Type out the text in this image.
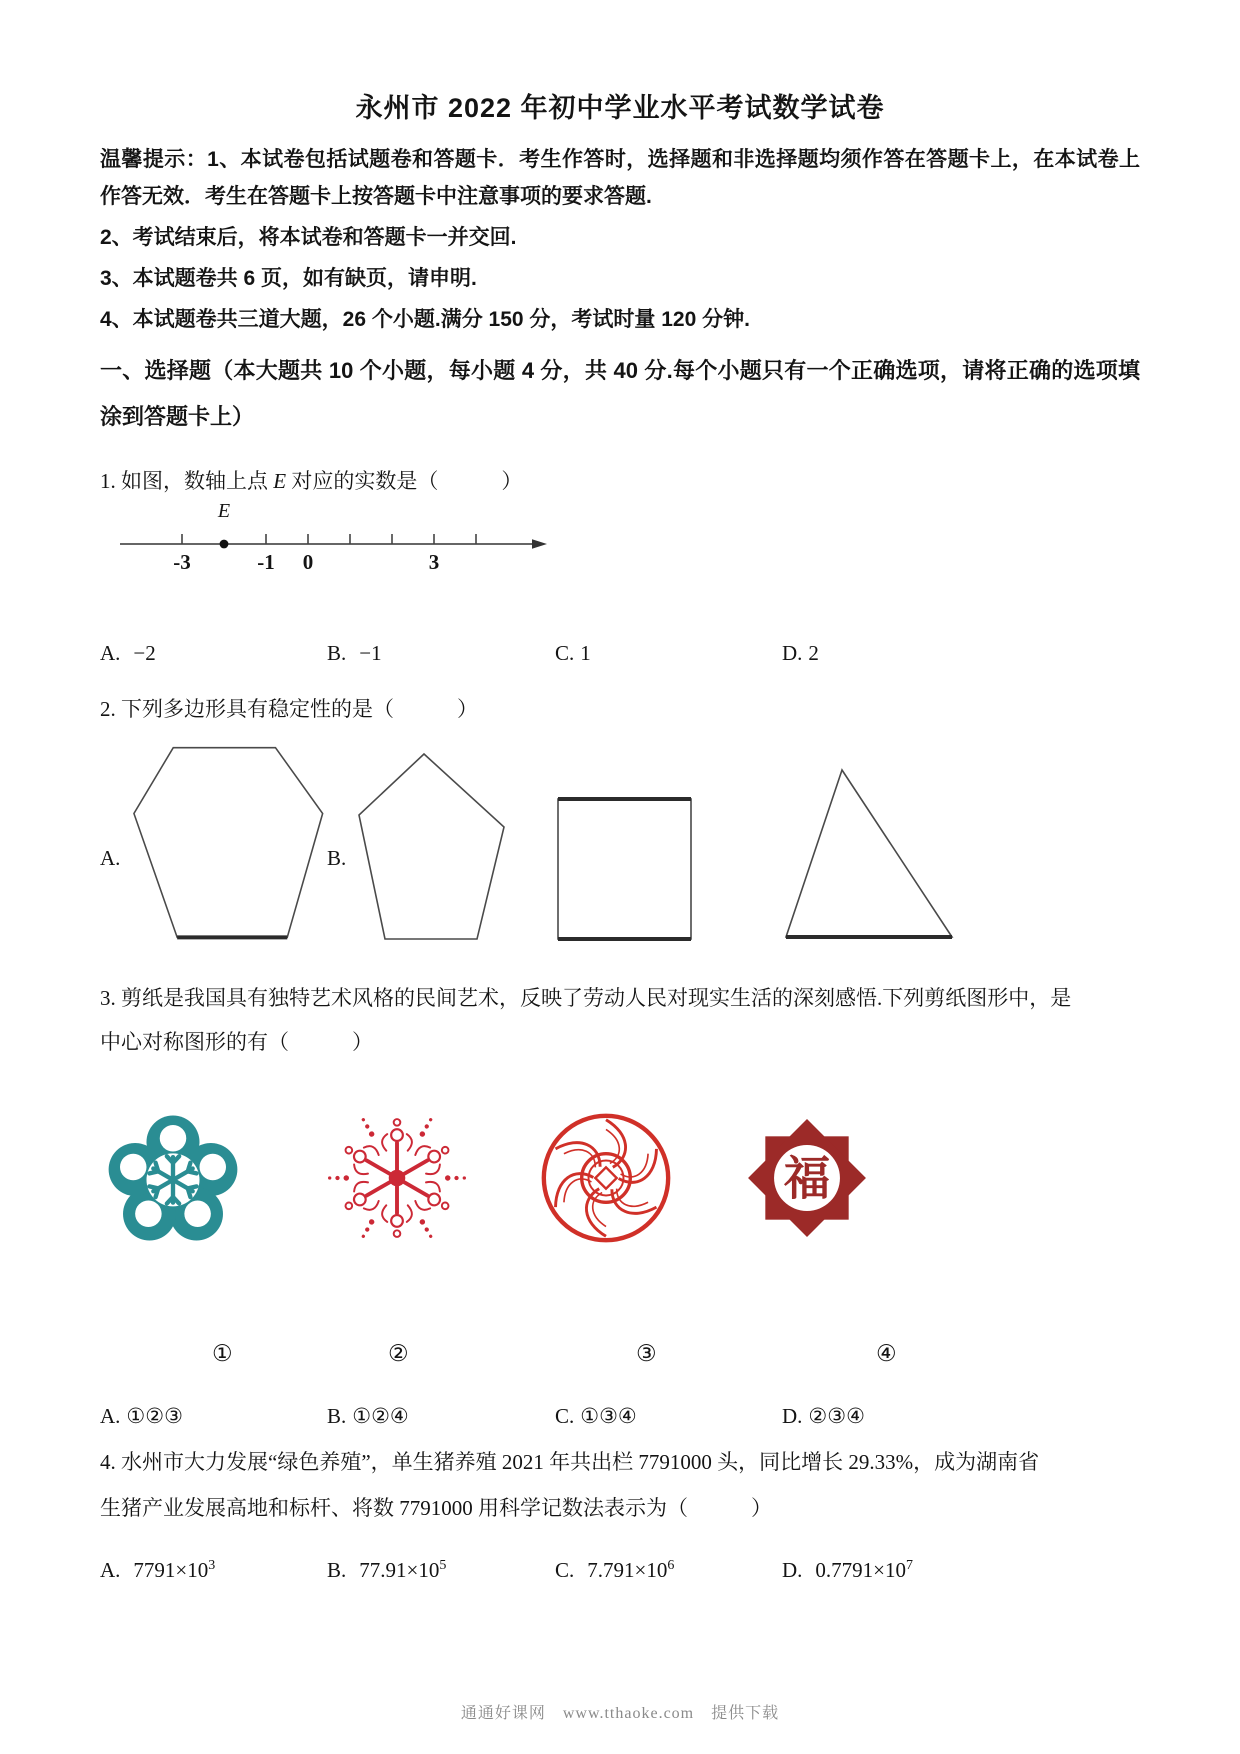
永州市 2022 年初中学业水平考试数学试卷
温馨提示：1、本试卷包括试题卷和答题卡．考生作答时，选择题和非选择题均须作答在答题卡上，在本试卷上作答无效．考生在答题卡上按答题卡中注意事项的要求答题.
2、考试结束后，将本试卷和答题卡一并交回.
3、本试题卷共 6 页，如有缺页，请申明.
4、本试题卷共三道大题，26 个小题.满分 150 分，考试时量 120 分钟.
一、选择题（本大题共 10 个小题，每小题 4 分，共 40 分.每个小题只有一个正确选项，请将正确的选项填涂到答题卡上）
1. 如图，数轴上点 E 对应的实数是（　　　）
E
-3	-1 0	3
A. −2	B. −1	C. 1	D. 2
2. 下列多边形具有稳定性的是（　　　）
A.	B.
3. 剪纸是我国具有独特艺术风格的民间艺术，反映了劳动人民对现实生活的深刻感悟.下列剪纸图形中，是
中心对称图形的有（　　　）
福
①	②	③	④
A. ①②③	B. ①②④	C. ①③④	D. ②③④
4. 水州市大力发展“绿色养殖”，单生猪养殖 2021 年共出栏 7791000 头，同比增长 29.33%，成为湖南省
生猪产业发展高地和标杆、将数 7791000 用科学记数法表示为（　　　）
A. $7791\times 10^3$	B. $77.91\times 10^5$	C. $7.791\times 10^6$	D. $0.7791\times 10^7$
通通好课网　www.tthaoke.com　提供下载
